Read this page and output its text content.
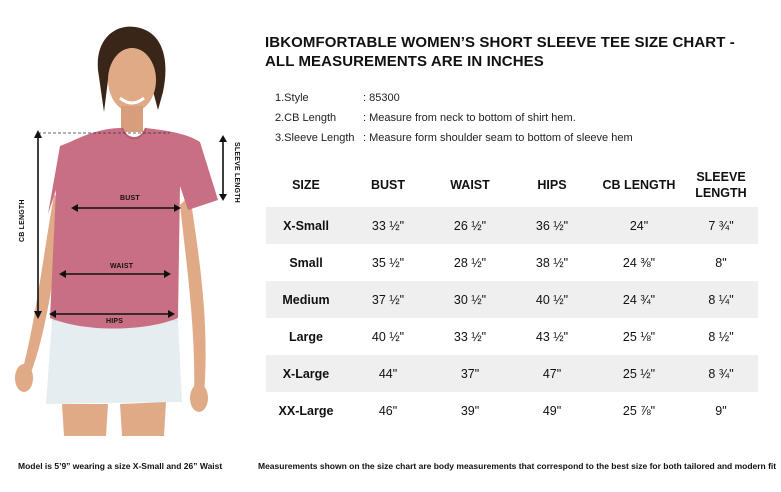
BUST
WAIST
HIPS
CB LENGTH
SLEEVE LENGTH
Model is 5’9” wearing a size X-Small and 26” Waist
IBKOMFORTABLE WOMEN’S SHORT SLEEVE TEE SIZE CHART - ALL MEASUREMENTS ARE IN INCHES
1.Style	: 85300
2.CB Length	: Measure from neck to bottom of shirt hem.
3.Sleeve Length : Measure form shoulder seam to bottom of sleeve hem
SIZE	BUST	WAIST	HIPS	CB LENGTH	SLEEVE LENGTH
X-Small	33 ½"	26 ½"	36 ½"	24"	7 ¾"
Small	35 ½"	28 ½"	38 ½"	24 ⅜"	8"
Medium	37 ½"	30 ½"	40 ½"	24 ¾"	8 ¼"
Large	40 ½"	33 ½"	43 ½"	25 ⅛"	8 ½"
X-Large	44"	37"	47"	25 ½"	8 ¾"
XX-Large	46"	39"	49"	25 ⅞"	9"
Measurements shown on the size chart are body measurements that correspond to the best size for both tailored and modern fit
